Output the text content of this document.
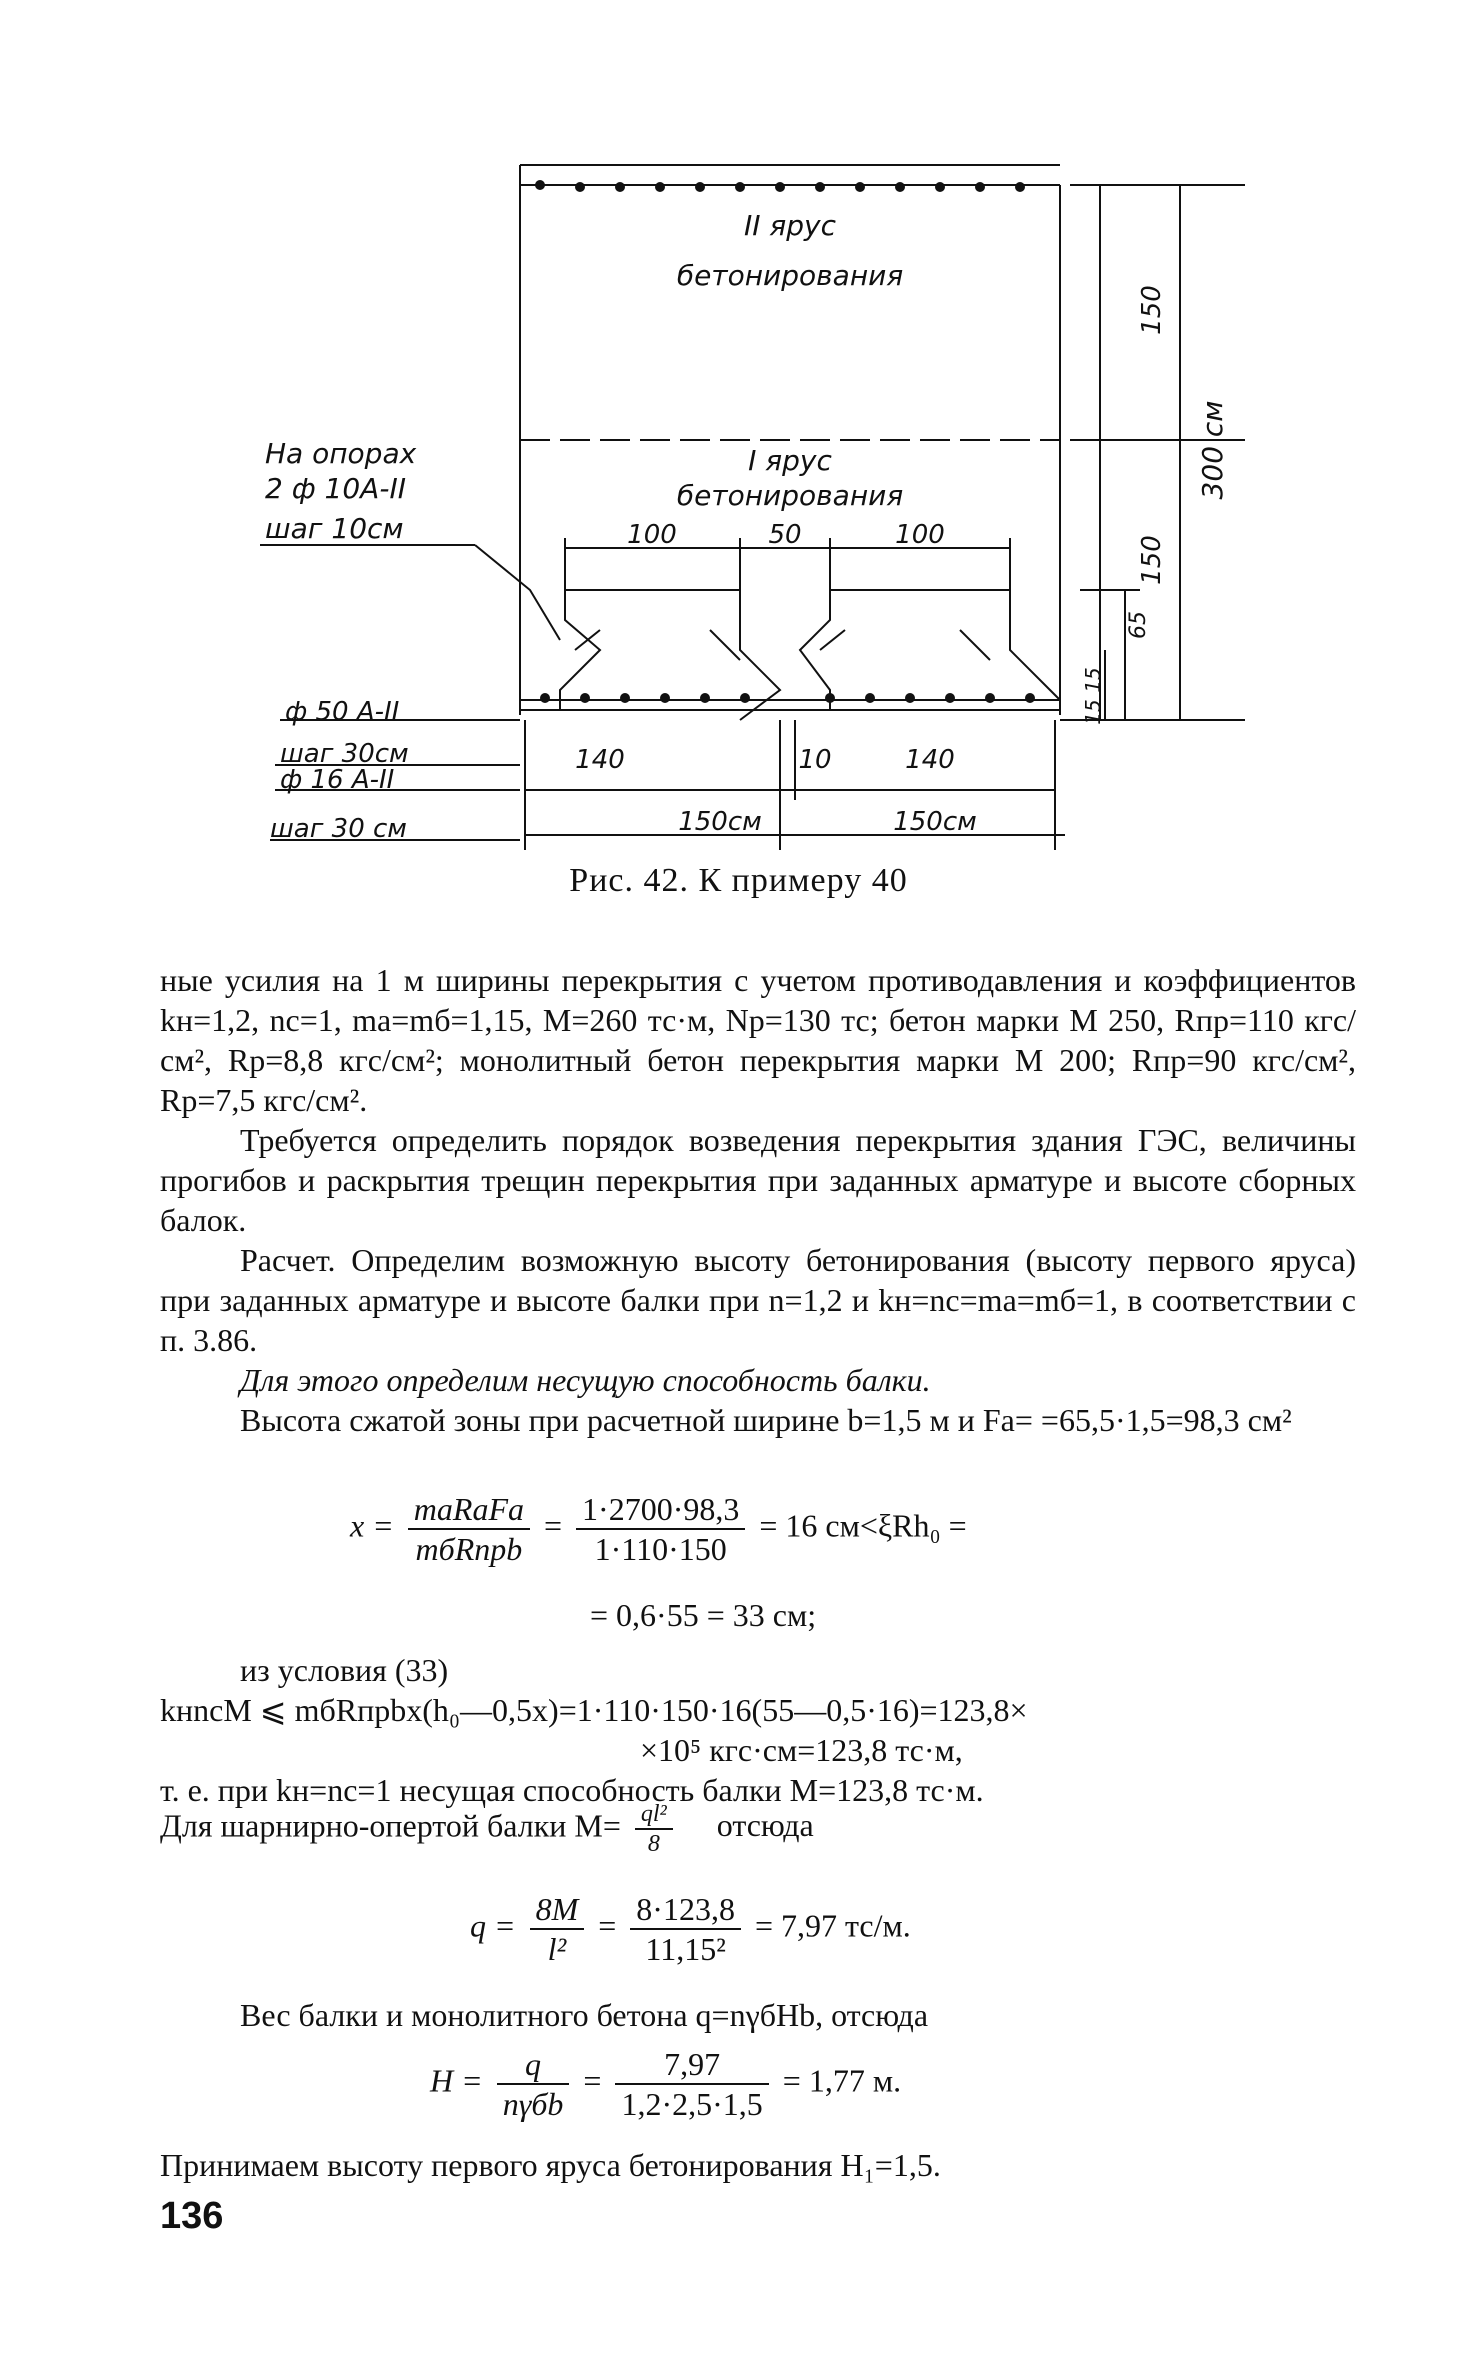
II ярус
бетонирования
I ярус
бетонирования
На опорах
2 ф 10А-II
шаг 10см	100	50	100
150
150
300 см
65
15
15
ф 50 А-II
шаг 30см
ф 16 А-II
шаг 30 см
140	10	140
150см	150см
Рис. 42. К примеру 40
ные усилия на 1 м ширины перекрытия с учетом противодавления и коэффициентов kн=1,2, nс=1, mа=mб=1,15, M=260 тс·м, Nр=130 тс; бетон марки М 250, Rпр=110 кгс/см², Rр=8,8 кгс/см²; монолитный бетон перекрытия марки М 200; Rпр=90 кгс/см², Rр=7,5 кгс/см².
Требуется определить порядок возведения перекрытия здания ГЭС, величины прогибов и раскрытия трещин перекрытия при заданных арматуре и высоте сборных балок.
Расчет. Определим возможную высоту бетонирования (высоту первого яруса) при заданных арматуре и высоте балки при n=1,2 и kн=nс=mа=mб=1, в соответствии с п. 3.86.
Для этого определим несущую способность балки.
Высота сжатой зоны при расчетной ширине b=1,5 м и Fа= =65,5·1,5=98,3 см²
$x = \frac{\text{mаRаFа}}{\text{mбRпрb}} = \frac{1\cdot 2700\cdot 98,3}{1\cdot 110\cdot 150} = 16$ см<ξRh₀ =
= 0,6·55 = 33 см;
из условия (33)
kнnсM ⩽ mбRпрbx(h₀—0,5x)=1·110·150·16(55—0,5·16)=123,8×
×10⁵ кгс·см=123,8 тс·м,
т. е. при kн=nс=1 несущая способность балки M=123,8 тс·м.
Для шарнирно-опертой балки $M= \frac{\text{ql²}}{8}$ отсюда
$q = \frac{8M}{\text{l²}} = \frac{8\cdot 123,8}{\text{11,15²}} = 7,97$ тс/м.
Вес балки и монолитного бетона q=nγбHb, отсюда
$H = \frac{q}{\text{nγбb}} = \frac{7,97}{1,2\cdot 2,5\cdot 1,5} = 1,77$ м.
Принимаем высоту первого яруса бетонирования H₁=1,5.
136
